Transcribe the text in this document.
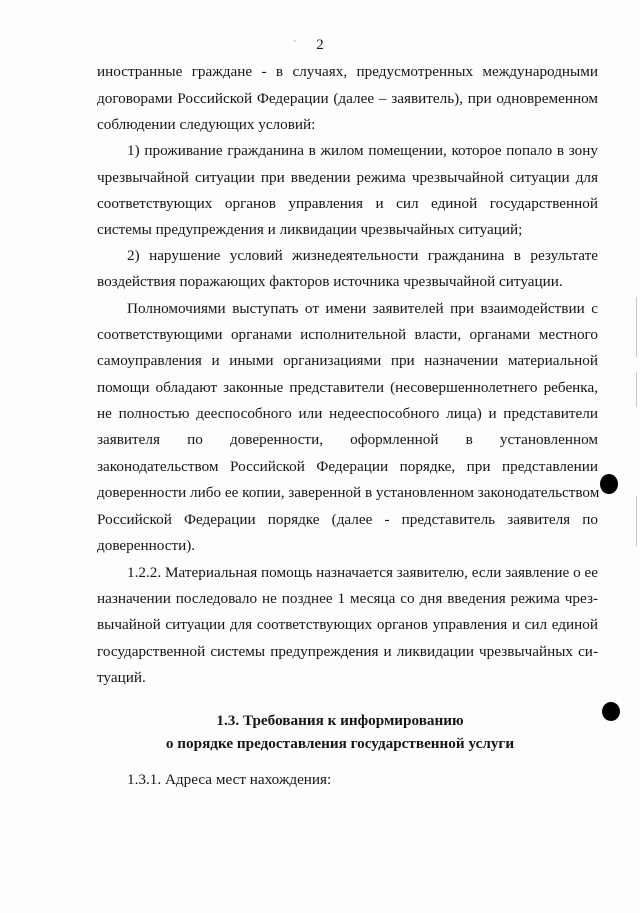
2
´
иностранные граждане - в случаях, предусмотренных международными
договорами Российской Федерации (далее – заявитель), при одновременном
соблюдении следующих условий:
1) проживание гражданина в жилом помещении, которое попало в зону
чрезвычайной ситуации при введении режима чрезвычайной ситуации для
соответствующих органов управления и сил единой государственной
системы предупреждения и ликвидации чрезвычайных ситуаций;
2) нарушение условий жизнедеятельности гражданина в результате
воздействия поражающих факторов источника чрезвычайной ситуации.
Полномочиями выступать от имени заявителей при взаимодействии с
соответствующими органами исполнительной власти, органами местного
самоуправления и иными организациями при назначении материальной
помощи обладают законные представители (несовершеннолетнего ребенка,
не полностью дееспособного или недееспособного лица) и представители
заявителя по доверенности, оформленной в установленном
законодательством Российской Федерации порядке, при представлении
доверенности либо ее копии, заверенной в установленном законодательством
Российской Федерации порядке (далее - представитель заявителя по
доверенности).
1.2.2. Материальная помощь назначается заявителю, если заявление о ее
назначении последовало не позднее 1 месяца со дня введения режима чрез-
вычайной ситуации для соответствующих органов управления и сил единой
государственной системы предупреждения и ликвидации чрезвычайных си-
туаций.
1.3. Требования к информированию
о порядке предоставления государственной услуги
1.3.1. Адреса мест нахождения:
